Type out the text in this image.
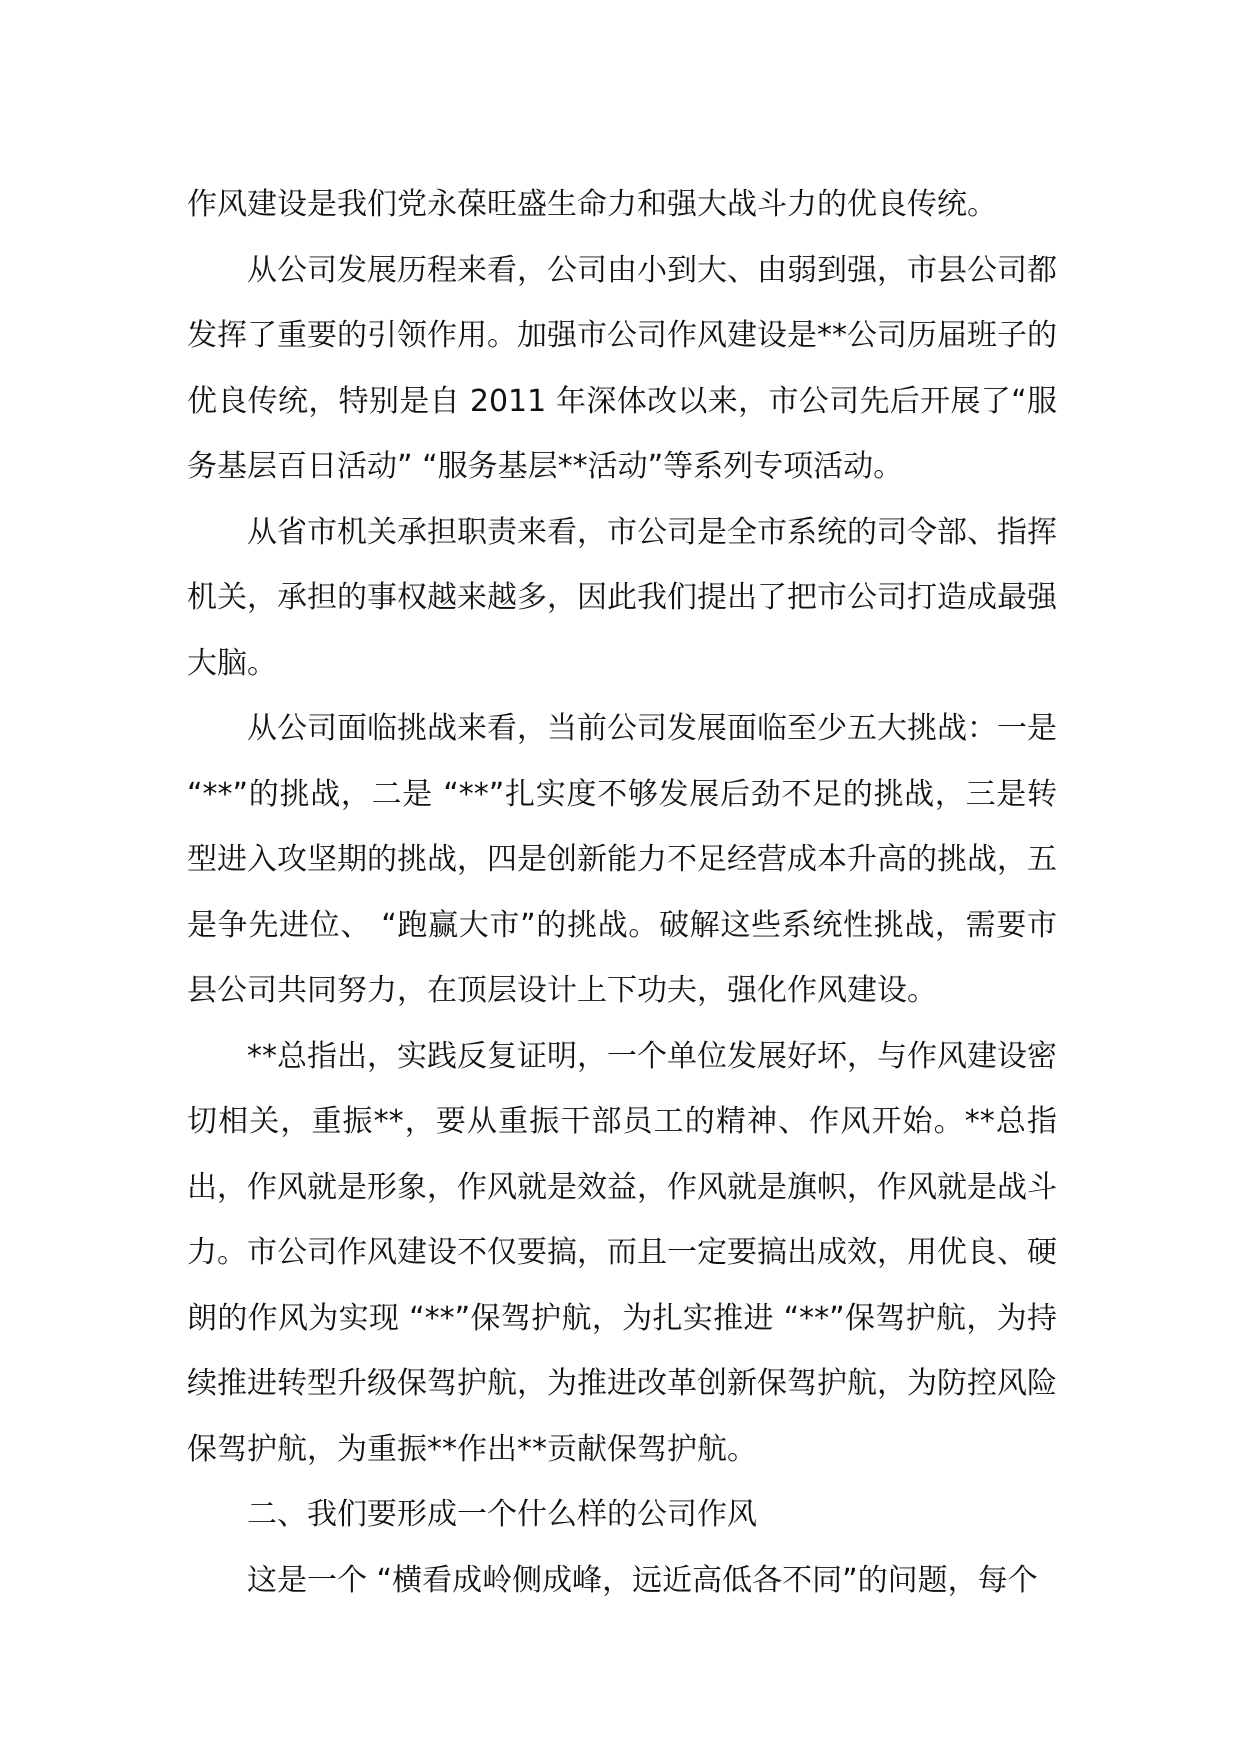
作风建设是我们党永葆旺盛生命力和强大战斗力的优良传统。

从公司发展历程来看，公司由小到大、由弱到强，市县公司都发挥了重要的引领作用。加强市公司作风建设是**公司历届班子的优良传统，特别是自 2011 年深体改以来，市公司先后开展了“服务基层百日活动” “服务基层**活动”等系列专项活动。

从省市机关承担职责来看，市公司是全市系统的司令部、指挥机关，承担的事权越来越多，因此我们提出了把市公司打造成最强大脑。

从公司面临挑战来看，当前公司发展面临至少五大挑战：一是 “**”的挑战，二是 “**”扎实度不够发展后劲不足的挑战，三是转型进入攻坚期的挑战，四是创新能力不足经营成本升高的挑战，五是争先进位、 “跑赢大市”的挑战。破解这些系统性挑战，需要市县公司共同努力，在顶层设计上下功夫，强化作风建设。

**总指出，实践反复证明，一个单位发展好坏，与作风建设密切相关，重振**，要从重振干部员工的精神、作风开始。**总指出，作风就是形象，作风就是效益，作风就是旗帜，作风就是战斗力。市公司作风建设不仅要搞，而且一定要搞出成效，用优良、硬朗的作风为实现 “**”保驾护航，为扎实推进 “**”保驾护航，为持续推进转型升级保驾护航，为推进改革创新保驾护航，为防控风险保驾护航，为重振**作出**贡献保驾护航。

二、我们要形成一个什么样的公司作风

这是一个 “横看成岭侧成峰，远近高低各不同”的问题，每个
